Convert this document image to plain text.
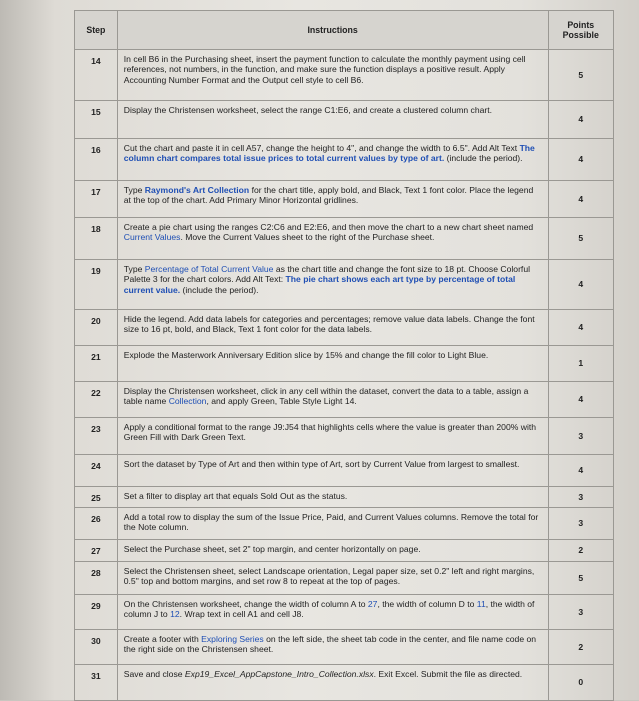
Step	Instructions	Points
Possible
14	In cell B6 in the Purchasing sheet, insert the payment function to calculate the monthly payment using cell references, not numbers, in the function, and make sure the function displays a positive result. Apply Accounting Number Format and the Output cell style to cell B6.	5
15	Display the Christensen worksheet, select the range C1:E6, and create a clustered column chart.	4
16	Cut the chart and paste it in cell A57, change the height to 4", and change the width to 6.5". Add Alt Text The column chart compares total issue prices to total current values by type of art. (include the period).	4
17	Type Raymond's Art Collection for the chart title, apply bold, and Black, Text 1 font color. Place the legend at the top of the chart. Add Primary Minor Horizontal gridlines.	4
18	Create a pie chart using the ranges C2:C6 and E2:E6, and then move the chart to a new chart sheet named Current Values. Move the Current Values sheet to the right of the Purchase sheet.	5
19	Type Percentage of Total Current Value as the chart title and change the font size to 18 pt. Choose Colorful Palette 3 for the chart colors. Add Alt Text: The pie chart shows each art type by percentage of total current value. (include the period).	4
20	Hide the legend. Add data labels for categories and percentages; remove value data labels. Change the font size to 16 pt, bold, and Black, Text 1 font color for the data labels.	4
21	Explode the Masterwork Anniversary Edition slice by 15% and change the fill color to Light Blue.	1
22	Display the Christensen worksheet, click in any cell within the dataset, convert the data to a table, assign a table name Collection, and apply Green, Table Style Light 14.	4
23	Apply a conditional format to the range J9:J54 that highlights cells where the value is greater than 200% with Green Fill with Dark Green Text.	3
24	Sort the dataset by Type of Art and then within type of Art, sort by Current Value from largest to smallest.	4
25	Set a filter to display art that equals Sold Out as the status.	3
26	Add a total row to display the sum of the Issue Price, Paid, and Current Values columns. Remove the total for the Note column.	3
27	Select the Purchase sheet, set 2" top margin, and center horizontally on page.	2
28	Select the Christensen sheet, select Landscape orientation, Legal paper size, set 0.2" left and right margins, 0.5" top and bottom margins, and set row 8 to repeat at the top of pages.	5
29	On the Christensen worksheet, change the width of column A to 27, the width of column D to 11, the width of column J to 12. Wrap text in cell A1 and cell J8.	3
30	Create a footer with Exploring Series on the left side, the sheet tab code in the center, and file name code on the right side on the Christensen sheet.	2
31	Save and close Exp19_Excel_AppCapstone_Intro_Collection.xlsx. Exit Excel. Submit the file as directed.	0
